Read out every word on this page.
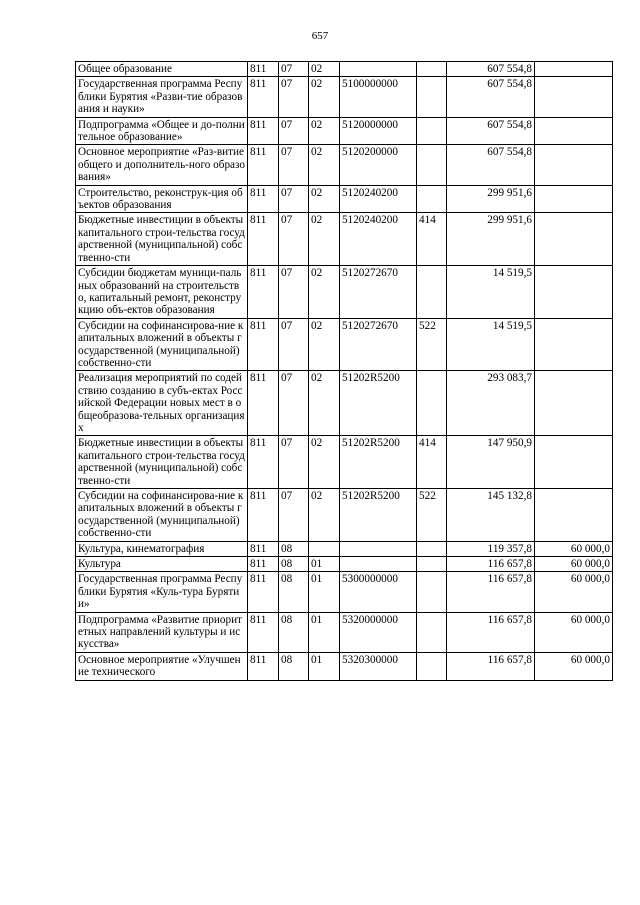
657
Общее образование	811	07	02			607 554,8	
Государственная программа Республики Бурятия «Разви-тие образования и науки»	811	07	02	5100000000		607 554,8	
Подпрограмма «Общее и до-полнительное образование»	811	07	02	5120000000		607 554,8	
Основное мероприятие «Раз-витие общего и дополнитель-ного образования»	811	07	02	5120200000		607 554,8	
Строительство, реконструк-ция объектов образования	811	07	02	5120240200		299 951,6	
Бюджетные инвестиции в объекты капитального строи-тельства государственной (муниципальной) собственно-сти	811	07	02	5120240200	414	299 951,6	
Субсидии бюджетам муници-пальных образований на строительство, капитальный ремонт, реконструкцию объ-ектов образования	811	07	02	5120272670		14 519,5	
Субсидии на софинансирова-ние капитальных вложений в объекты государственной (муниципальной) собственно-сти	811	07	02	5120272670	522	14 519,5	
Реализация мероприятий по содействию созданию в субъ-ектах Российской Федерации новых мест в общеобразова-тельных организациях	811	07	02	51202R5200		293 083,7	
Бюджетные инвестиции в объекты капитального строи-тельства государственной (муниципальной) собственно-сти	811	07	02	51202R5200	414	147 950,9	
Субсидии на софинансирова-ние капитальных вложений в объекты государственной (муниципальной) собственно-сти	811	07	02	51202R5200	522	145 132,8	
Культура, кинематография	811	08				119 357,8	60 000,0
Культура	811	08	01			116 657,8	60 000,0
Государственная программа Республики Бурятия «Куль-тура Бурятии»	811	08	01	5300000000		116 657,8	60 000,0
Подпрограмма «Развитие приоритетных направлений культуры и искусства»	811	08	01	5320000000		116 657,8	60 000,0
Основное мероприятие «Улучшение технического	811	08	01	5320300000		116 657,8	60 000,0
